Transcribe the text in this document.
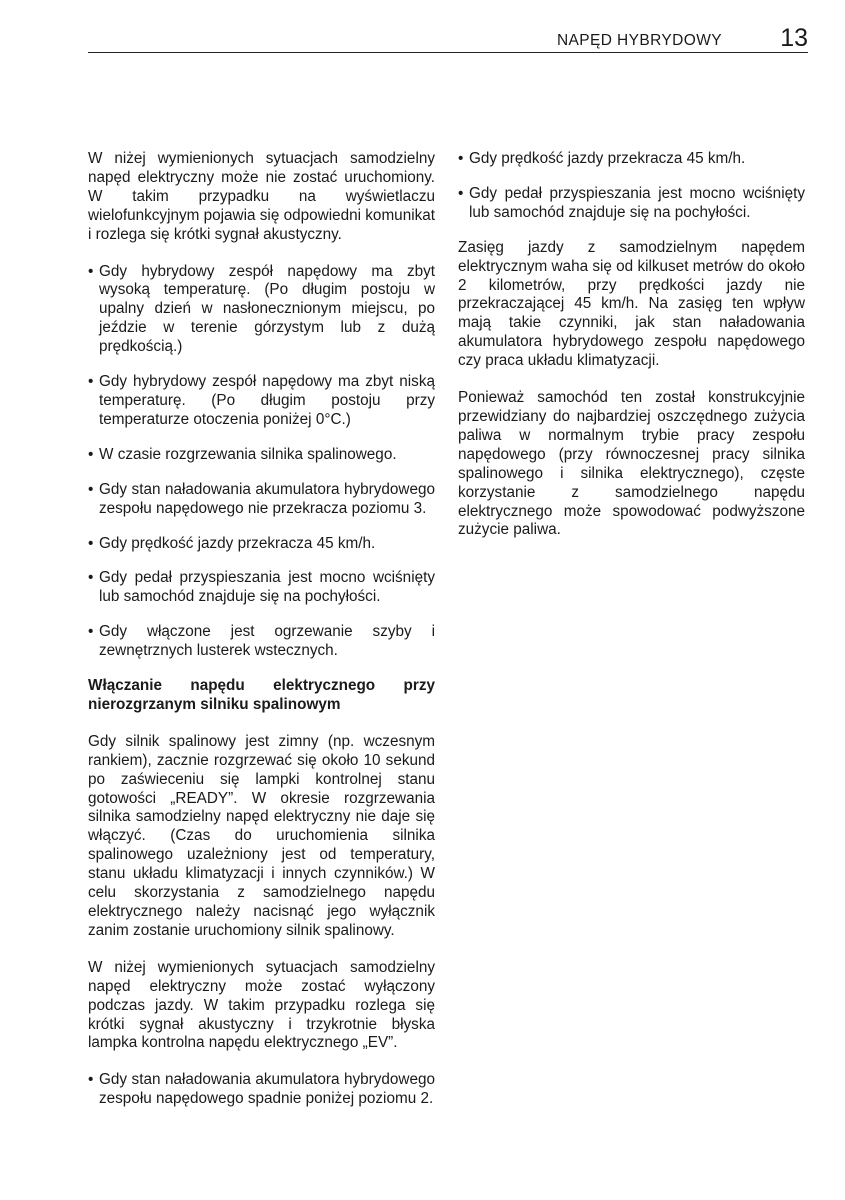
NAPĘD HYBRYDOWY 13

W niżej wymienionych sytuacjach samodzielny napęd elektryczny może nie zostać uruchomiony. W takim przypadku na wyświetlaczu wielofunkcyjnym pojawia się odpowiedni komunikat i rozlega się krótki sygnał akustyczny.

• Gdy hybrydowy zespół napędowy ma zbyt wysoką temperaturę. (Po długim postoju w upalny dzień w nasłonecznionym miejscu, po jeździe w terenie górzystym lub z dużą prędkością.)
• Gdy hybrydowy zespół napędowy ma zbyt niską temperaturę. (Po długim postoju przy temperaturze otoczenia poniżej 0°C.)
• W czasie rozgrzewania silnika spalinowego.
• Gdy stan naładowania akumulatora hybrydowego zespołu napędowego nie przekracza poziomu 3.
• Gdy prędkość jazdy przekracza 45 km/h.
• Gdy pedał przyspieszania jest mocno wciśnięty lub samochód znajduje się na pochyłości.
• Gdy włączone jest ogrzewanie szyby i zewnętrznych lusterek wstecznych.

Włączanie napędu elektrycznego przy nierozgrzanym silniku spalinowym

Gdy silnik spalinowy jest zimny (np. wczesnym rankiem), zacznie rozgrzewać się około 10 sekund po zaświeceniu się lampki kontrolnej stanu gotowości „READY”. W okresie rozgrzewania silnika samodzielny napęd elektryczny nie daje się włączyć. (Czas do uruchomienia silnika spalinowego uzależniony jest od temperatury, stanu układu klimatyzacji i innych czynników.) W celu skorzystania z samodzielnego napędu elektrycznego należy nacisnąć jego wyłącznik zanim zostanie uruchomiony silnik spalinowy.

W niżej wymienionych sytuacjach samodzielny napęd elektryczny może zostać wyłączony podczas jazdy. W takim przypadku rozlega się krótki sygnał akustyczny i trzykrotnie błyska lampka kontrolna napędu elektrycznego „EV”.

• Gdy stan naładowania akumulatora hybrydowego zespołu napędowego spadnie poniżej poziomu 2.
• Gdy prędkość jazdy przekracza 45 km/h.
• Gdy pedał przyspieszania jest mocno wciśnięty lub samochód znajduje się na pochyłości.

Zasięg jazdy z samodzielnym napędem elektrycznym waha się od kilkuset metrów do około 2 kilometrów, przy prędkości jazdy nie przekraczającej 45 km/h. Na zasięg ten wpływ mają takie czynniki, jak stan naładowania akumulatora hybrydowego zespołu napędowego czy praca układu klimatyzacji.

Ponieważ samochód ten został konstrukcyjnie przewidziany do najbardziej oszczędnego zużycia paliwa w normalnym trybie pracy zespołu napędowego (przy równoczesnej pracy silnika spalinowego i silnika elektrycznego), częste korzystanie z samodzielnego napędu elektrycznego może spowodować podwyższone zużycie paliwa.
